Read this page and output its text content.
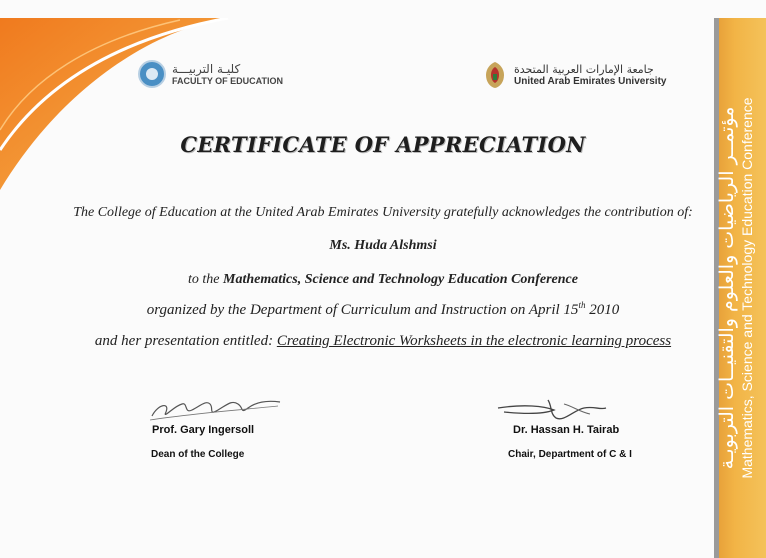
مؤتمــر الرياضيات والعلوم والتقنيــات التربويـة Mathematics, Science and Technology Education Conference
كليـة التربيـــة
FACULTY OF EDUCATION
جامعة الإمارات العربية المتحدة
United Arab Emirates University
CERTIFICATE OF APPRECIATION
The College of Education at the United Arab Emirates University gratefully acknowledges the contribution of:
Ms. Huda Alshmsi
to the Mathematics, Science and Technology Education Conference
organized by the Department of Curriculum and Instruction on April 15th 2010
and her presentation entitled: Creating Electronic Worksheets in the electronic learning process
Prof. Gary Ingersoll
Dean of the College
Dr. Hassan H. Tairab
Chair, Department of C & I
